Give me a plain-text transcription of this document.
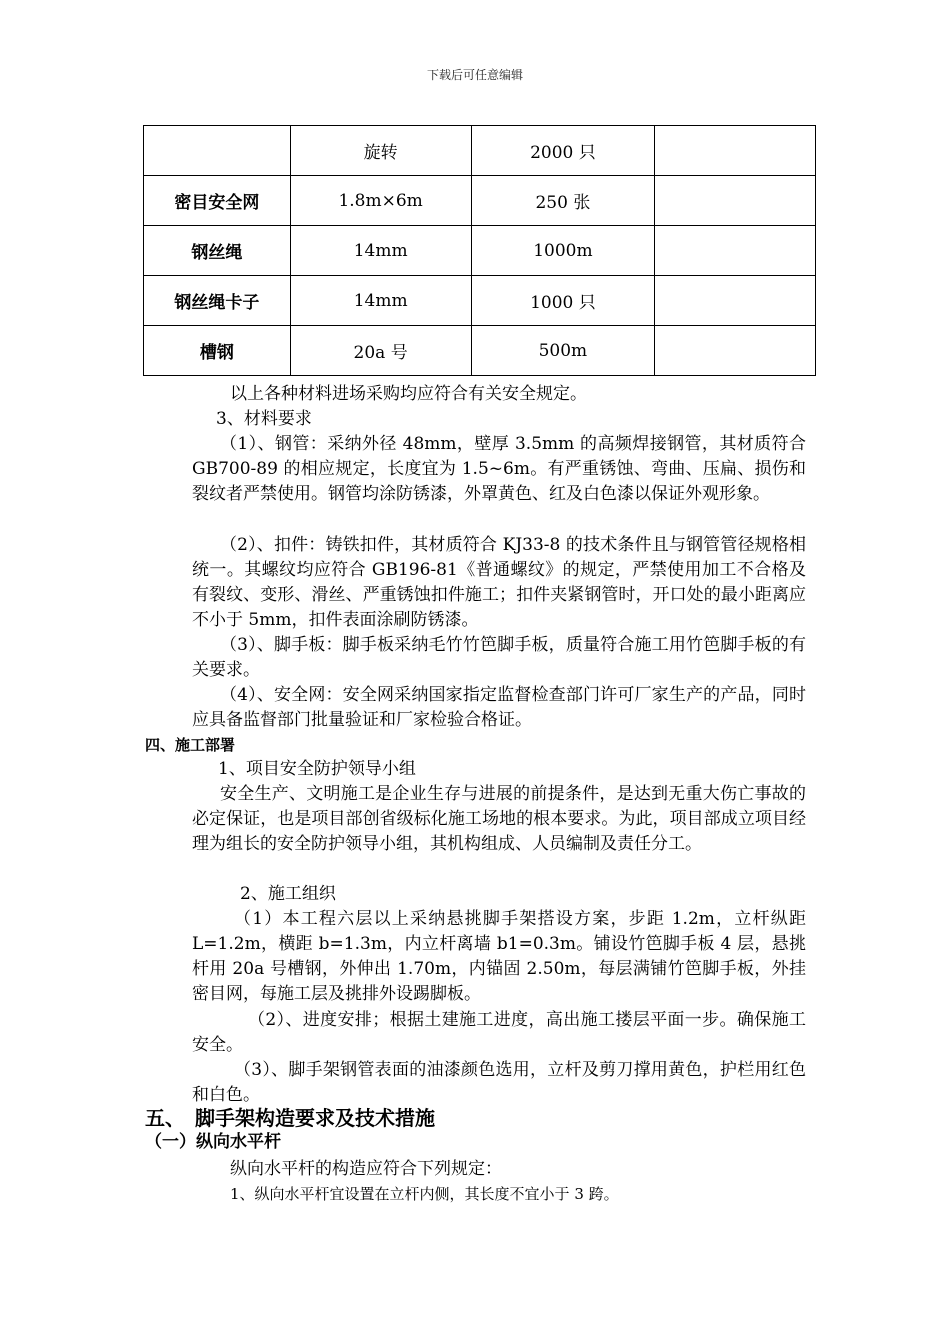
下载后可任意编辑
	旋转	2000 只	
密目安全网	1.8m×6m	250 张	
钢丝绳	14mm	1000m	
钢丝绳卡子	14mm	1000 只	
槽钢	20a 号	500m	
以上各种材料进场采购均应符合有关安全规定。
3、材料要求
（1）、钢管：采纳外径 48mm，壁厚 3.5mm 的高频焊接钢管，其材质符合 GB700-89 的相应规定，长度宜为 1.5~6m。有严重锈蚀、弯曲、压扁、损伤和裂纹者严禁使用。钢管均涂防锈漆，外罩黄色、红及白色漆以保证外观形象。
（2）、扣件：铸铁扣件，其材质符合 KJ33-8 的技术条件且与钢管管径规格相统一。其螺纹均应符合 GB196-81《普通螺纹》的规定，严禁使用加工不合格及有裂纹、变形、滑丝、严重锈蚀扣件施工；扣件夹紧钢管时，开口处的最小距离应不小于 5mm，扣件表面涂刷防锈漆。
（3）、脚手板：脚手板采纳毛竹竹笆脚手板，质量符合施工用竹笆脚手板的有关要求。
（4）、安全网：安全网采纳国家指定监督检查部门许可厂家生产的产品，同时应具备监督部门批量验证和厂家检验合格证。
四、施工部署
1、项目安全防护领导小组
安全生产、文明施工是企业生存与进展的前提条件，是达到无重大伤亡事故的必定保证，也是项目部创省级标化施工场地的根本要求。为此，项目部成立项目经理为组长的安全防护领导小组，其机构组成、人员编制及责任分工。
2、施工组织
（1）本工程六层以上采纳悬挑脚手架搭设方案，步距 1.2m，立杆纵距 L=1.2m，横距 b=1.3m，内立杆离墙 b1=0.3m。铺设竹笆脚手板 4 层，悬挑杆用 20a 号槽钢，外伸出 1.70m，内锚固 2.50m，每层满铺竹笆脚手板，外挂密目网，每施工层及挑排外设踢脚板。
（2）、进度安排；根据土建施工进度，高出施工搂层平面一步。确保施工安全。
（3）、脚手架钢管表面的油漆颜色选用，立杆及剪刀撑用黄色，护栏用红色和白色。
五、　脚手架构造要求及技术措施
（一）纵向水平杆
纵向水平杆的构造应符合下列规定：
1、纵向水平杆宜设置在立杆内侧，其长度不宜小于 3 跨。
